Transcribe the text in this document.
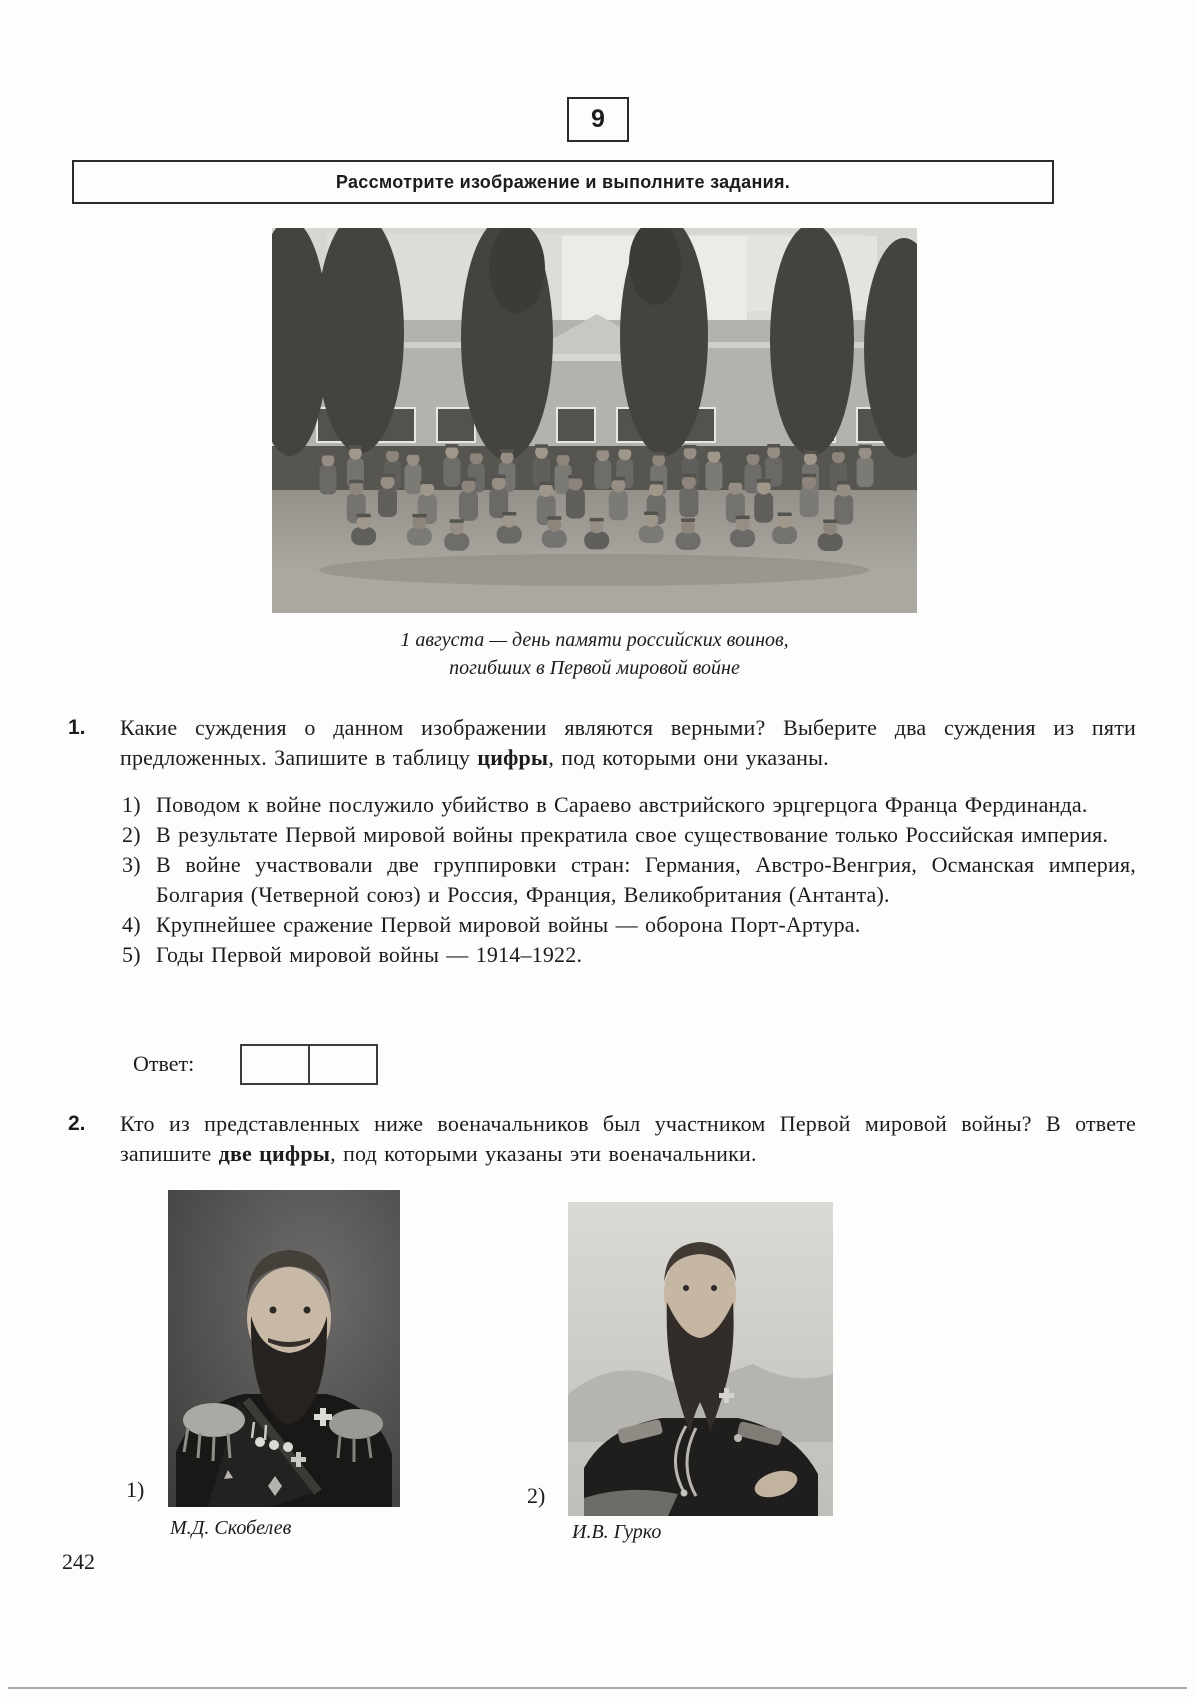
9
Рассмотрите изображение и выполните задания.
1 августа — день памяти российских воинов,
погибших в Первой мировой войне
1. Какие суждения о данном изображении являются верными? Выберите два суждения из пяти предложенных. Запишите в таблицу цифры, под которыми они указаны.
1) Поводом к войне послужило убийство в Сараево австрийского эрцгерцога Франца Фердинанда.
2) В результате Первой мировой войны прекратила свое существование только Российская империя.
3) В войне участвовали две группировки стран: Германия, Австро-Венгрия, Османская империя, Болгария (Четверной союз) и Россия, Франция, Великобритания (Антанта).
4) Крупнейшее сражение Первой мировой войны — оборона Порт-Артура.
5) Годы Первой мировой войны — 1914–1922.
Ответ:
2. Кто из представленных ниже военачальников был участником Первой мировой войны? В ответе запишите две цифры, под которыми указаны эти военачальники.
1)	2)
М.Д. Скобелев	И.В. Гурко
242
